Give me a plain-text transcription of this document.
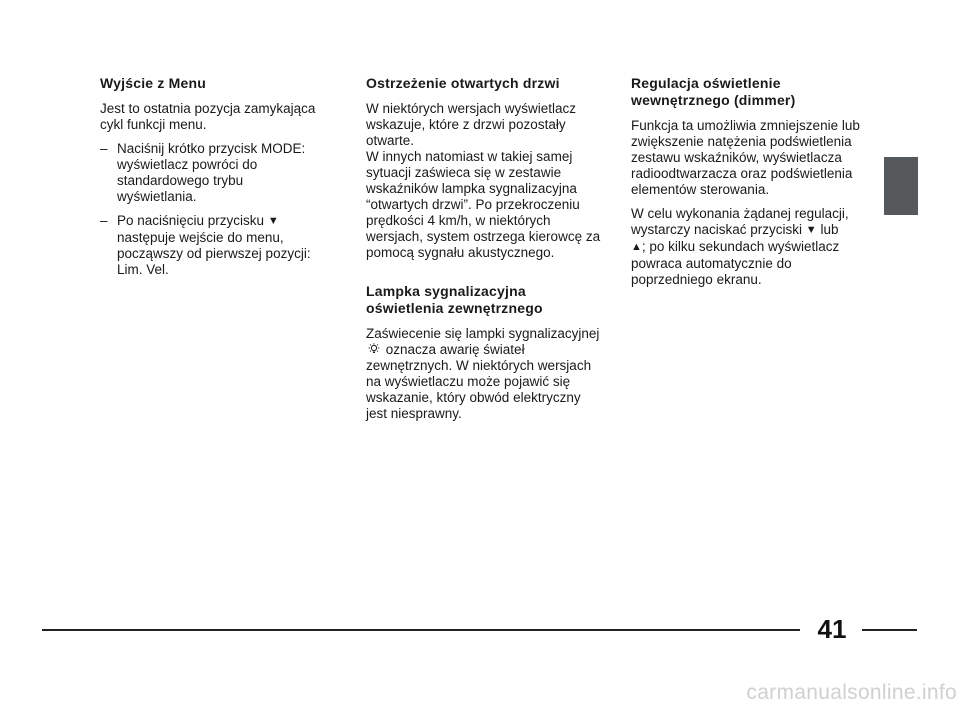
Wyjście z Menu

Jest to ostatnia pozycja zamykająca cykl funkcji menu.

– Naciśnij krótko przycisk MODE: wyświetlacz powróci do standardowego trybu wyświetlania.
– Po naciśnięciu przycisku ▼ następuje wejście do menu, począwszy od pierwszej pozycji: Lim. Vel.
Ostrzeżenie otwartych drzwi

W niektórych wersjach wyświetlacz wskazuje, które z drzwi pozostały otwarte.
W innych natomiast w takiej samej sytuacji zaświeca się w zestawie wskaźników lampka sygnalizacyjna “otwartych drzwi”. Po przekroczeniu prędkości 4 km/h, w niektórych wersjach, system ostrzega kierowcę za pomocą sygnału akustycznego.

Lampka sygnalizacyjna oświetlenia zewnętrznego

Zaświecenie się lampki sygnalizacyjnej  oznacza awarię świateł zewnętrznych. W niektórych wersjach na wyświetlaczu może pojawić się wskazanie, który obwód elektryczny jest niesprawny.

Regulacja oświetlenie wewnętrznego (dimmer)

Funkcja ta umożliwia zmniejszenie lub zwiększenie natężenia podświetlenia zestawu wskaźników, wyświetlacza radioodtwarzacza oraz podświetlenia elementów sterowania.

W celu wykonania żądanej regulacji, wystarczy naciskać przyciski ▼ lub
▲; po kilku sekundach wyświetlacz powraca automatycznie do poprzedniego ekranu.

41
carmanualsonline.info
